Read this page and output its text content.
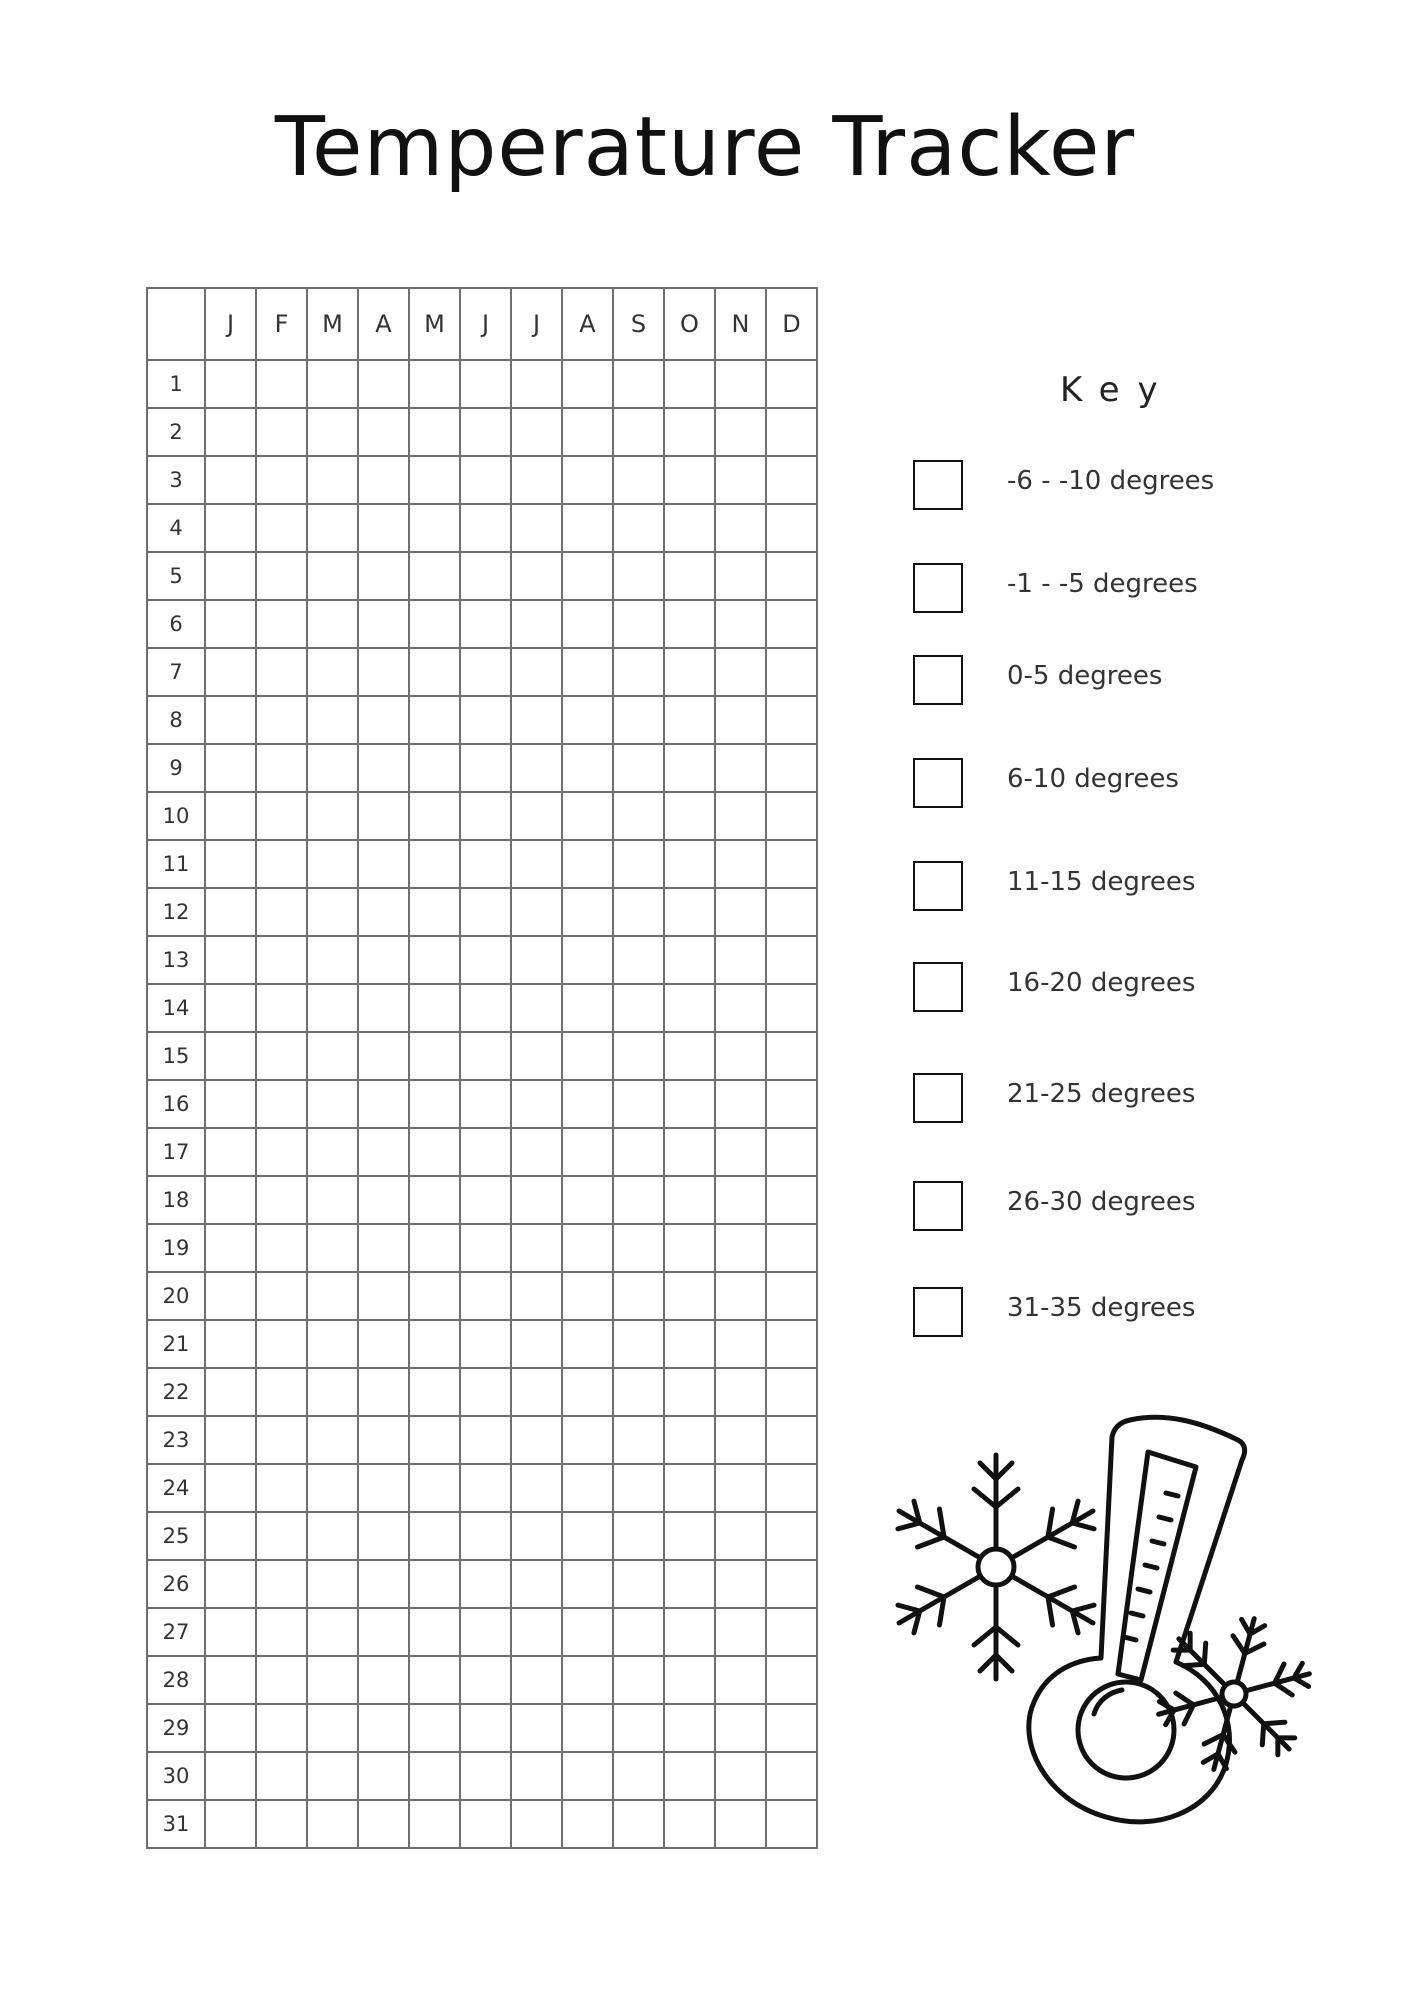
Temperature Tracker
	J	F	M	A	M	J	J	A	S	O	N	D
1												
2												
3												
4												
5												
6												
7												
8												
9												
10												
11												
12												
13												
14												
15												
16												
17												
18												
19												
20												
21												
22												
23												
24												
25												
26												
27												
28												
29												
30												
31												
Key
-6 - -10 degrees
-1 - -5 degrees
0-5 degrees
6-10 degrees
11-15 degrees
16-20 degrees
21-25 degrees
26-30 degrees
31-35 degrees
